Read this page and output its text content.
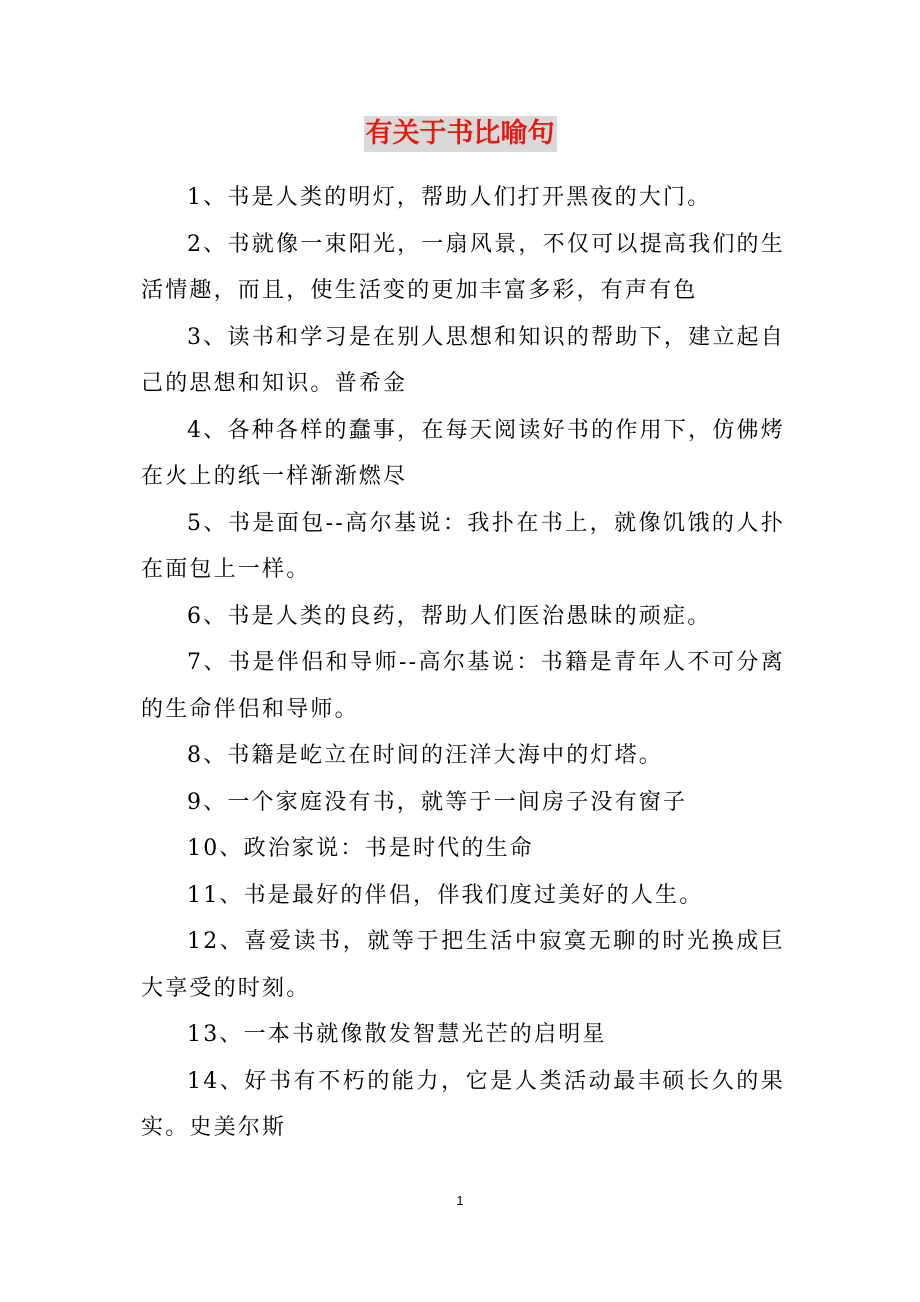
有关于书比喻句

1、书是人类的明灯，帮助人们打开黑夜的大门。

2、书就像一束阳光，一扇风景，不仅可以提高我们的生活情趣，而且，使生活变的更加丰富多彩，有声有色

3、读书和学习是在别人思想和知识的帮助下，建立起自己的思想和知识。普希金

4、各种各样的蠢事，在每天阅读好书的作用下，仿佛烤在火上的纸一样渐渐燃尽

5、书是面包--高尔基说：我扑在书上，就像饥饿的人扑在面包上一样。

6、书是人类的良药，帮助人们医治愚昧的顽症。

7、书是伴侣和导师--高尔基说：书籍是青年人不可分离的生命伴侣和导师。

8、书籍是屹立在时间的汪洋大海中的灯塔。

9、一个家庭没有书，就等于一间房子没有窗子

10、政治家说：书是时代的生命

11、书是最好的伴侣，伴我们度过美好的人生。

12、喜爱读书，就等于把生活中寂寞无聊的时光换成巨大享受的时刻。

13、一本书就像散发智慧光芒的启明星

14、好书有不朽的能力，它是人类活动最丰硕长久的果实。史美尔斯

1
